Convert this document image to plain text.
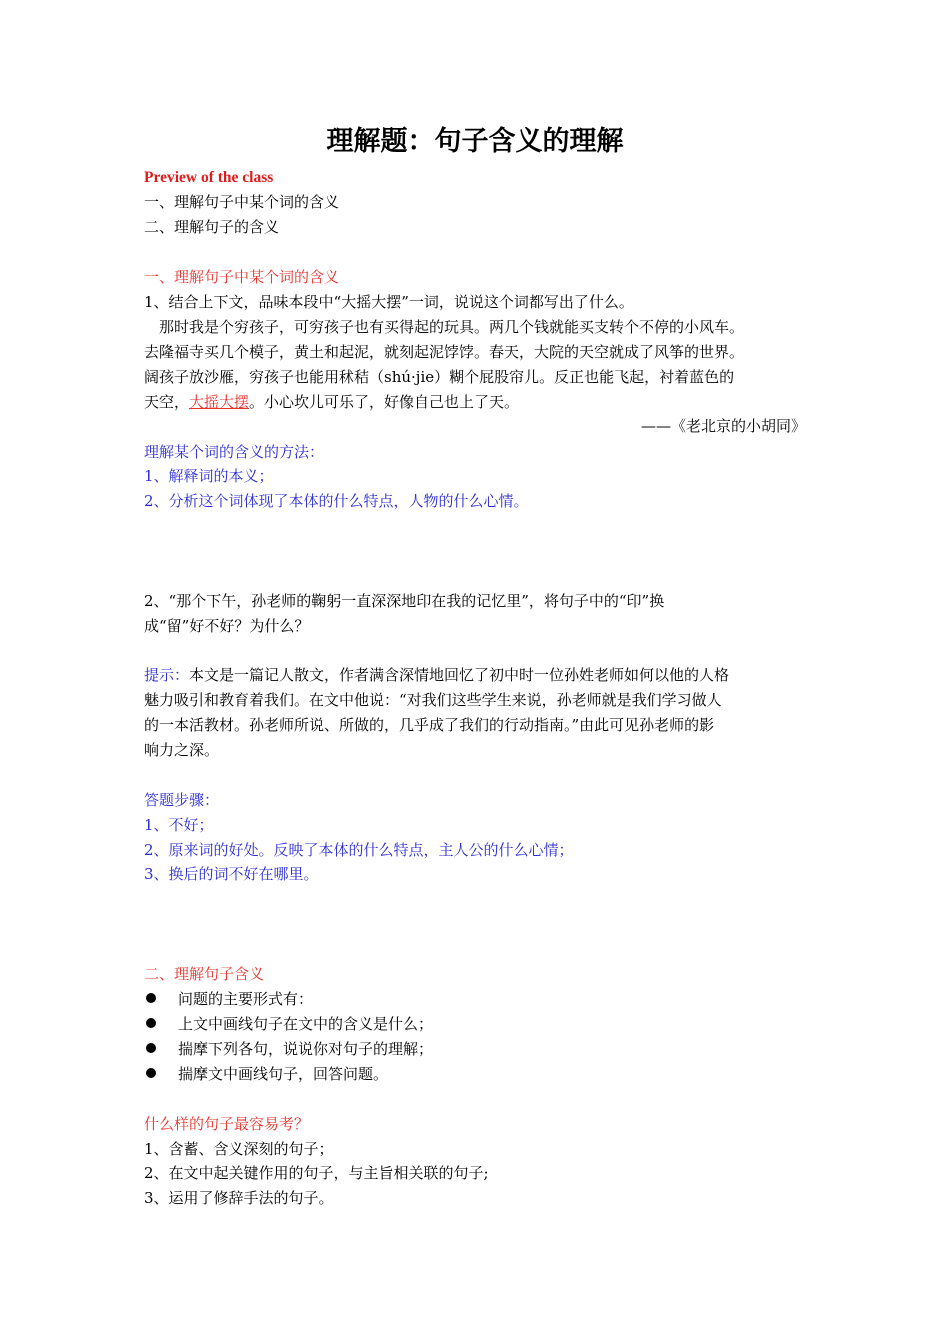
理解题：句子含义的理解
Preview of the class
一、理解句子中某个词的含义
二、理解句子的含义
一、理解句子中某个词的含义
1、结合上下文，品味本段中“大摇大摆”一词，说说这个词都写出了什么。
那时我是个穷孩子，可穷孩子也有买得起的玩具。两几个钱就能买支转个不停的小风车。
去隆福寺买几个模子，黄土和起泥，就刻起泥饽饽。春天，大院的天空就成了风筝的世界。
阔孩子放沙雁，穷孩子也能用秫秸（shú·jie）糊个屁股帘儿。反正也能飞起，衬着蓝色的
天空，大摇大摆。小心坎儿可乐了，好像自己也上了天。
——《老北京的小胡同》
理解某个词的含义的方法：
1、解释词的本义；
2、分析这个词体现了本体的什么特点，人物的什么心情。
2、“那个下午，孙老师的鞠躬一直深深地印在我的记忆里”，将句子中的“印”换
成“留”好不好？为什么？
提示：本文是一篇记人散文，作者满含深情地回忆了初中时一位孙姓老师如何以他的人格
魅力吸引和教育着我们。在文中他说：“对我们这些学生来说，孙老师就是我们学习做人
的一本活教材。孙老师所说、所做的，几乎成了我们的行动指南。”由此可见孙老师的影
响力之深。
答题步骤：
1、不好；
2、原来词的好处。反映了本体的什么特点，主人公的什么心情；
3、换后的词不好在哪里。
二、理解句子含义
问题的主要形式有：
上文中画线句子在文中的含义是什么；
揣摩下列各句，说说你对句子的理解；
揣摩文中画线句子，回答问题。
什么样的句子最容易考？
1、含蓄、含义深刻的句子；
2、在文中起关键作用的句子，与主旨相关联的句子;
3、运用了修辞手法的句子。
